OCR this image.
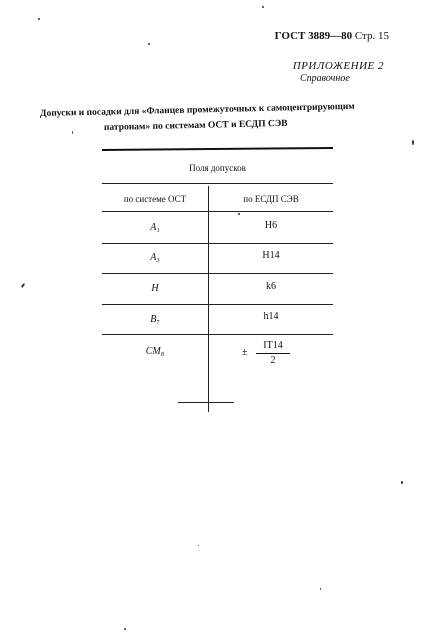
ГОСТ 3889—80 Стр. 15
ПРИЛОЖЕНИЕ 2
Справочное
Допуски и посадки для «Фланцев промежуточных к самоцентрирующим
патронам» по системам ОСТ и ЕСДП СЭВ
Поля допусков
по системе ОСТ	по ЕСДП СЭВ
A₁	H6
A₃	H14
H	k6
B₇	h14
CM₈	±
IT14
2
